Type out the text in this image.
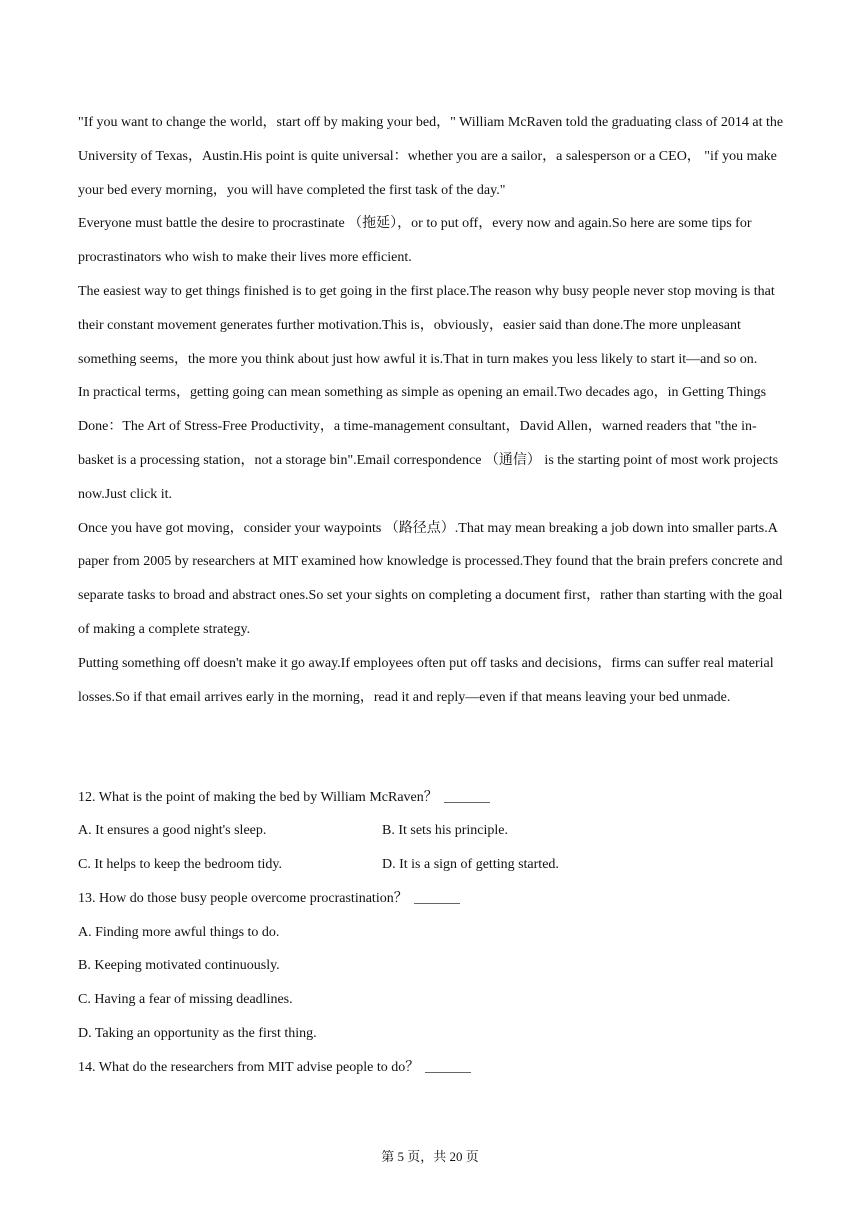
"If you want to change the world，start off by making your bed，" William McRaven told the graduating class of 2014 at the University of Texas，Austin.His point is quite universal：whether you are a sailor，a salesperson or a CEO， "if you make your bed every morning，you will have completed the first task of the day."

Everyone must battle the desire to procrastinate （拖延），or to put off，every now and again.So here are some tips for procrastinators who wish to make their lives more efficient.

The easiest way to get things finished is to get going in the first place.The reason why busy people never stop moving is that their constant movement generates further motivation.This is，obviously，easier said than done.The more unpleasant something seems，the more you think about just how awful it is.That in turn makes you less likely to start it—and so on.

In practical terms，getting going can mean something as simple as opening an email.Two decades ago，in Getting Things Done：The Art of Stress-Free Productivity，a time-management consultant，David Allen，warned readers that "the in-basket is a processing station，not a storage bin".Email correspondence （通信） is the starting point of most work projects now.Just click it.

Once you have got moving，consider your waypoints （路径点）.That may mean breaking a job down into smaller parts.A paper from 2005 by researchers at MIT examined how knowledge is processed.They found that the brain prefers concrete and separate tasks to broad and abstract ones.So set your sights on completing a document first，rather than starting with the goal of making a complete strategy.

Putting something off doesn't make it go away.If employees often put off tasks and decisions，firms can suffer real material losses.So if that email arrives early in the morning，read it and reply—even if that means leaving your bed unmade.

12. What is the point of making the bed by William McRaven？
A. It ensures a good night's sleep.	B. It sets his principle.
C. It helps to keep the bedroom tidy.	D. It is a sign of getting started.
13. How do those busy people overcome procrastination？
A. Finding more awful things to do.
B. Keeping motivated continuously.
C. Having a fear of missing deadlines.
D. Taking an opportunity as the first thing.
14. What do the researchers from MIT advise people to do？
第 5 页，共 20 页
